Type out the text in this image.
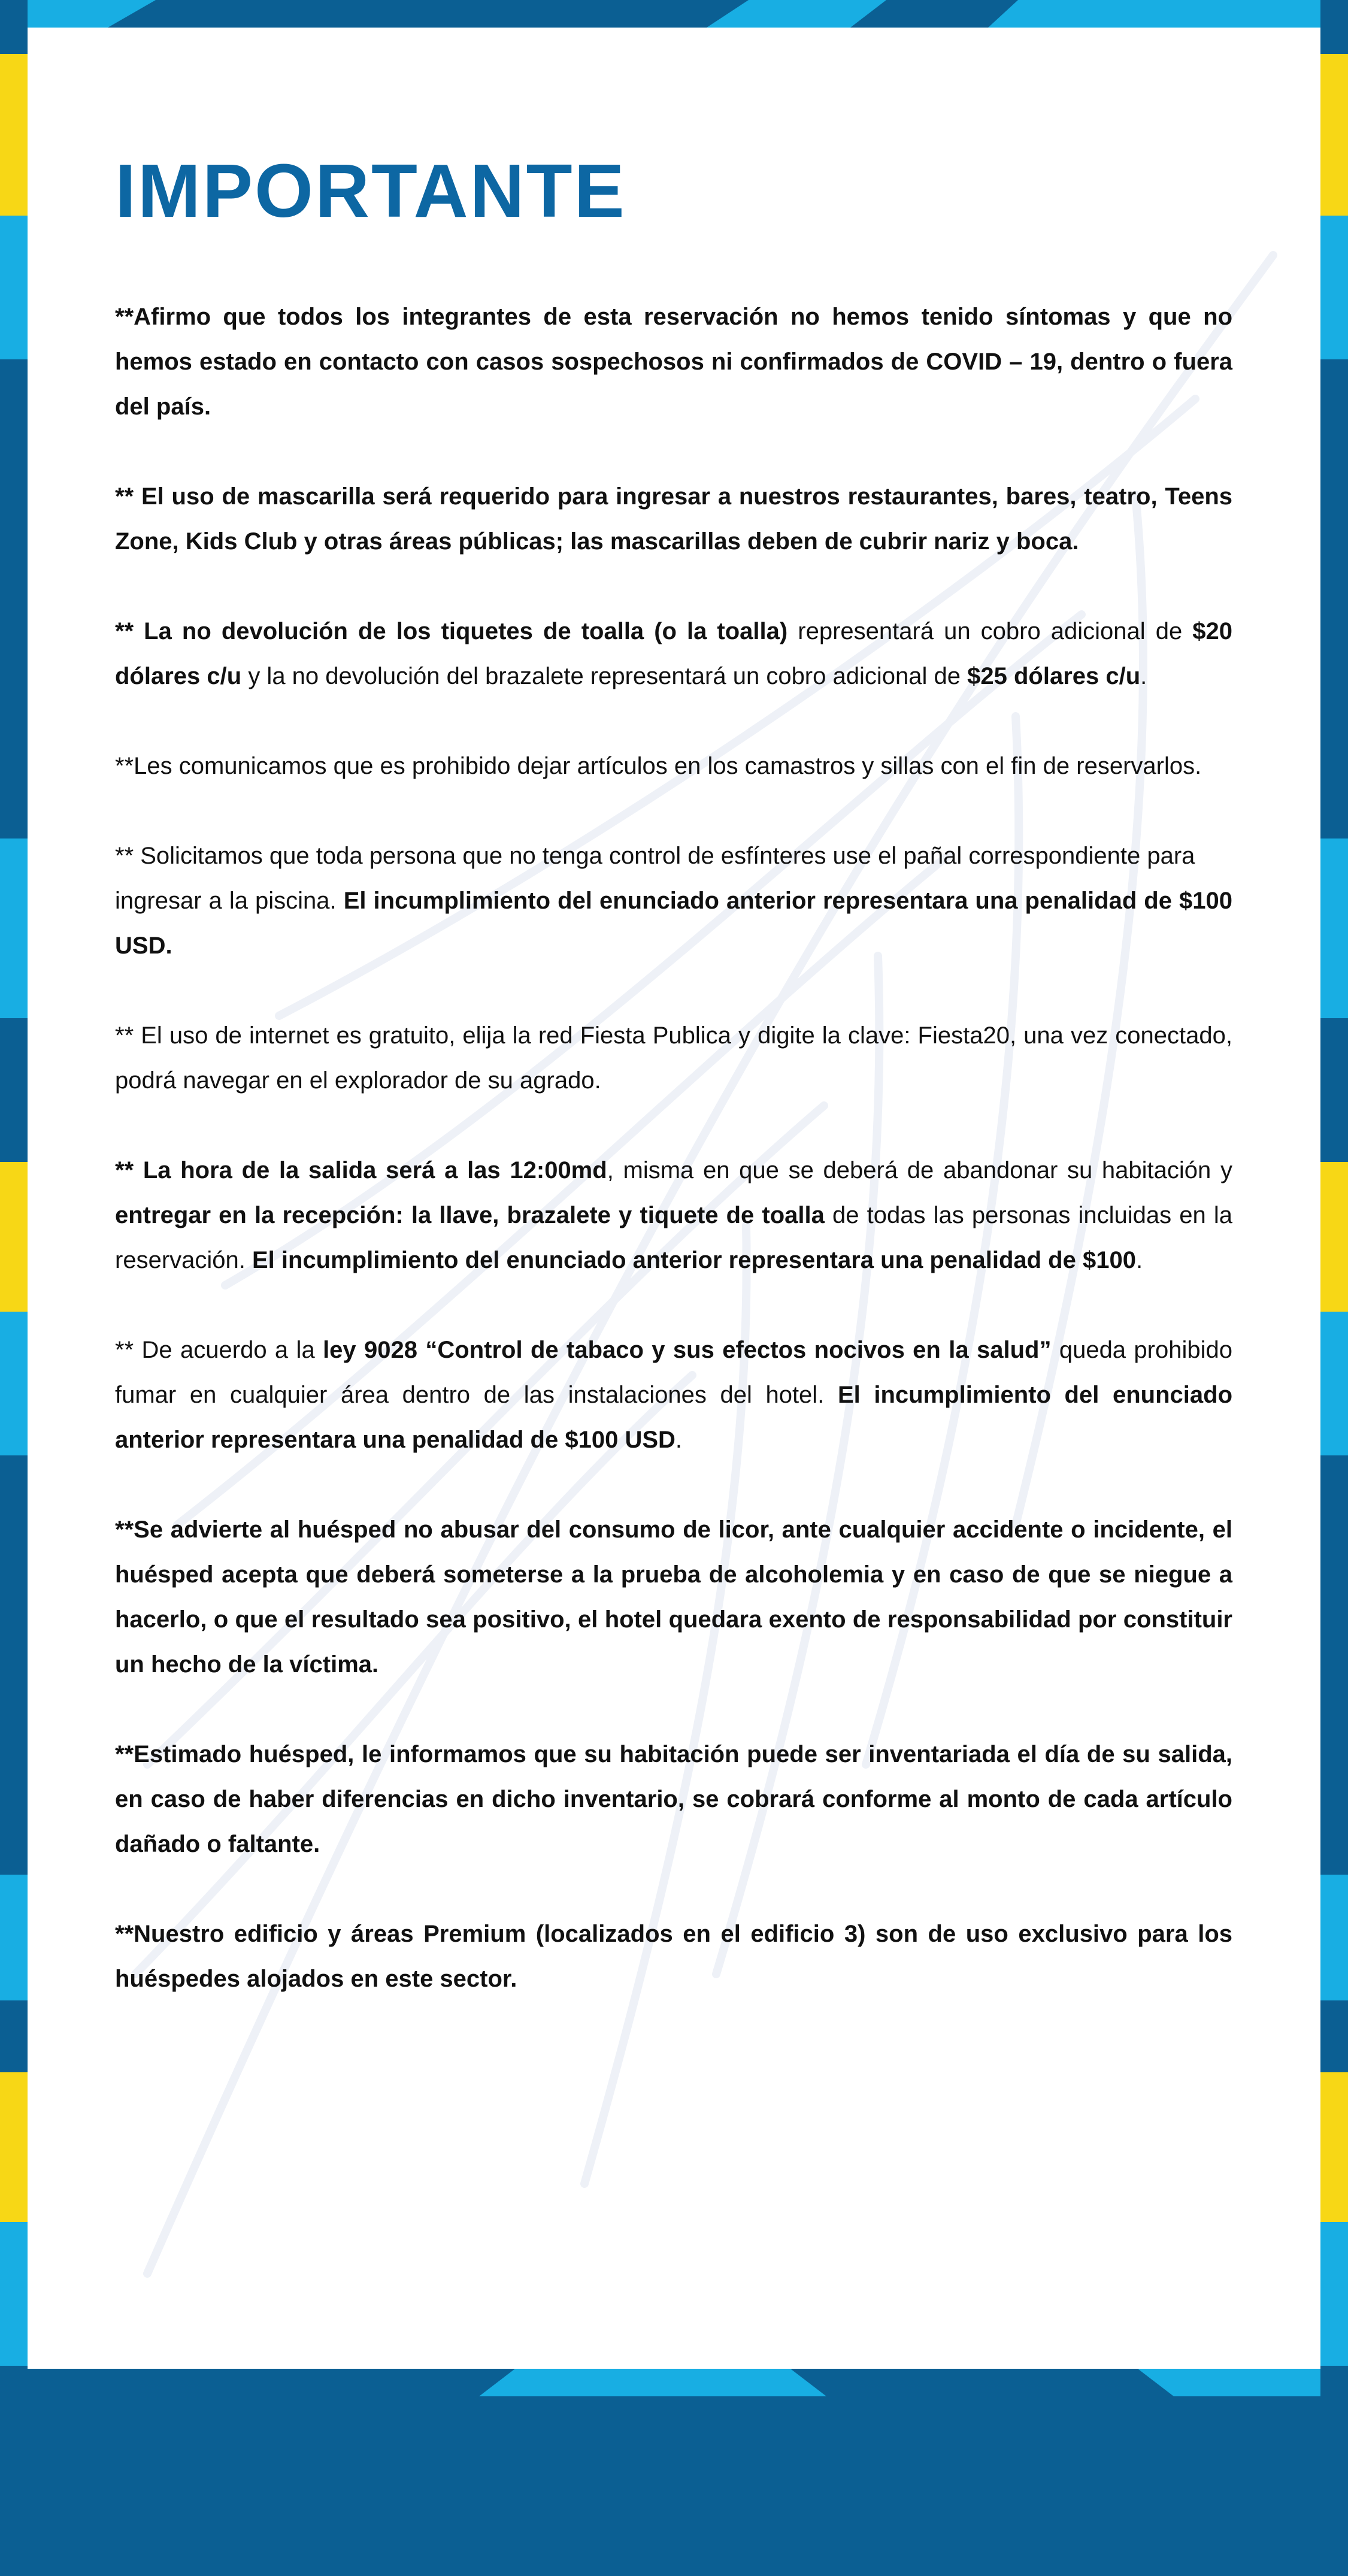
IMPORTANTE

**Afirmo que todos los integrantes de esta reservación no hemos tenido síntomas y que no hemos estado en contacto con casos sospechosos ni confirmados de COVID – 19, dentro o fuera del país.

** El uso de mascarilla será requerido para ingresar a nuestros restaurantes, bares, teatro, Teens Zone, Kids Club y otras áreas públicas; las mascarillas deben de cubrir nariz y boca.

** La no devolución de los tiquetes de toalla (o la toalla) representará un cobro adicional de $20 dólares c/u y la no devolución del brazalete representará un cobro adicional de $25 dólares c/u.

**Les comunicamos que es prohibido dejar artículos en los camastros y sillas con el fin de reservarlos.

** Solicitamos que toda persona que no tenga control de esfínteres use el pañal correspondiente para
ingresar a la piscina. El incumplimiento del enunciado anterior representara una penalidad de $100 USD.

** El uso de internet es gratuito, elija la red Fiesta Publica y digite la clave: Fiesta20, una vez conectado, podrá navegar en el explorador de su agrado.

** La hora de la salida será a las 12:00md, misma en que se deberá de abandonar su habitación y entregar en la recepción: la llave, brazalete y tiquete de toalla de todas las personas incluidas en la reservación. El incumplimiento del enunciado anterior representara una penalidad de $100.

** De acuerdo a la ley 9028 “Control de tabaco y sus efectos nocivos en la salud” queda prohibido fumar en cualquier área dentro de las instalaciones del hotel. El incumplimiento del enunciado anterior representara una penalidad de $100 USD.

**Se advierte al huésped no abusar del consumo de licor, ante cualquier accidente o incidente, el huésped acepta que deberá someterse a la prueba de alcoholemia y en caso de que se niegue a hacerlo, o que el resultado sea positivo, el hotel quedara exento de responsabilidad por constituir un hecho de la víctima.

**Estimado huésped, le informamos que su habitación puede ser inventariada el día de su salida, en caso de haber diferencias en dicho inventario, se cobrará conforme al monto de cada artículo dañado o faltante.

**Nuestro edificio y áreas Premium (localizados en el edificio 3) son de uso exclusivo para los huéspedes alojados en este sector.
